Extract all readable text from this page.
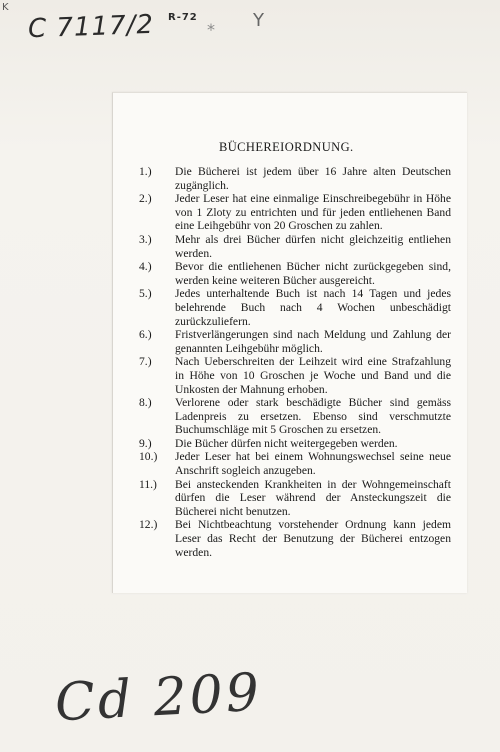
K
C 7117/2 R-72
* Y
BÜCHEREIORDNUNG.
1.)	Die Bücherei ist jedem über 16 Jahre alten Deutschen zugänglich.
2.)	Jeder Leser hat eine einmalige Einschreibegebühr in Höhe von 1 Zloty zu entrichten und für jeden entliehenen Band eine Leihgebühr von 20 Groschen zu zahlen.
3.)	Mehr als drei Bücher dürfen nicht gleichzeitig entliehen werden.
4.)	Bevor die entliehenen Bücher nicht zurückgegeben sind, werden keine weiteren Bücher ausgereicht.
5.)	Jedes unterhaltende Buch ist nach 14 Tagen und jedes belehrende Buch nach 4 Wochen unbeschädigt zurückzuliefern.
6.)	Fristverlängerungen sind nach Meldung und Zahlung der genannten Leihgebühr möglich.
7.)	Nach Ueberschreiten der Leihzeit wird eine Strafzahlung in Höhe von 10 Groschen je Woche und Band und die Unkosten der Mahnung erhoben.
8.)	Verlorene oder stark beschädigte Bücher sind gemäss Ladenpreis zu ersetzen. Ebenso sind verschmutzte Buchumschläge mit 5 Groschen zu ersetzen.
9.)	Die Bücher dürfen nicht weitergegeben werden.
10.)	Jeder Leser hat bei einem Wohnungswechsel seine neue Anschrift sogleich anzugeben.
11.)	Bei ansteckenden Krankheiten in der Wohngemeinschaft dürfen die Leser während der Ansteckungszeit die Bücherei nicht benutzen.
12.)	Bei Nichtbeachtung vorstehender Ordnung kann jedem Leser das Recht der Benutzung der Bücherei entzogen werden.
Cd 209
